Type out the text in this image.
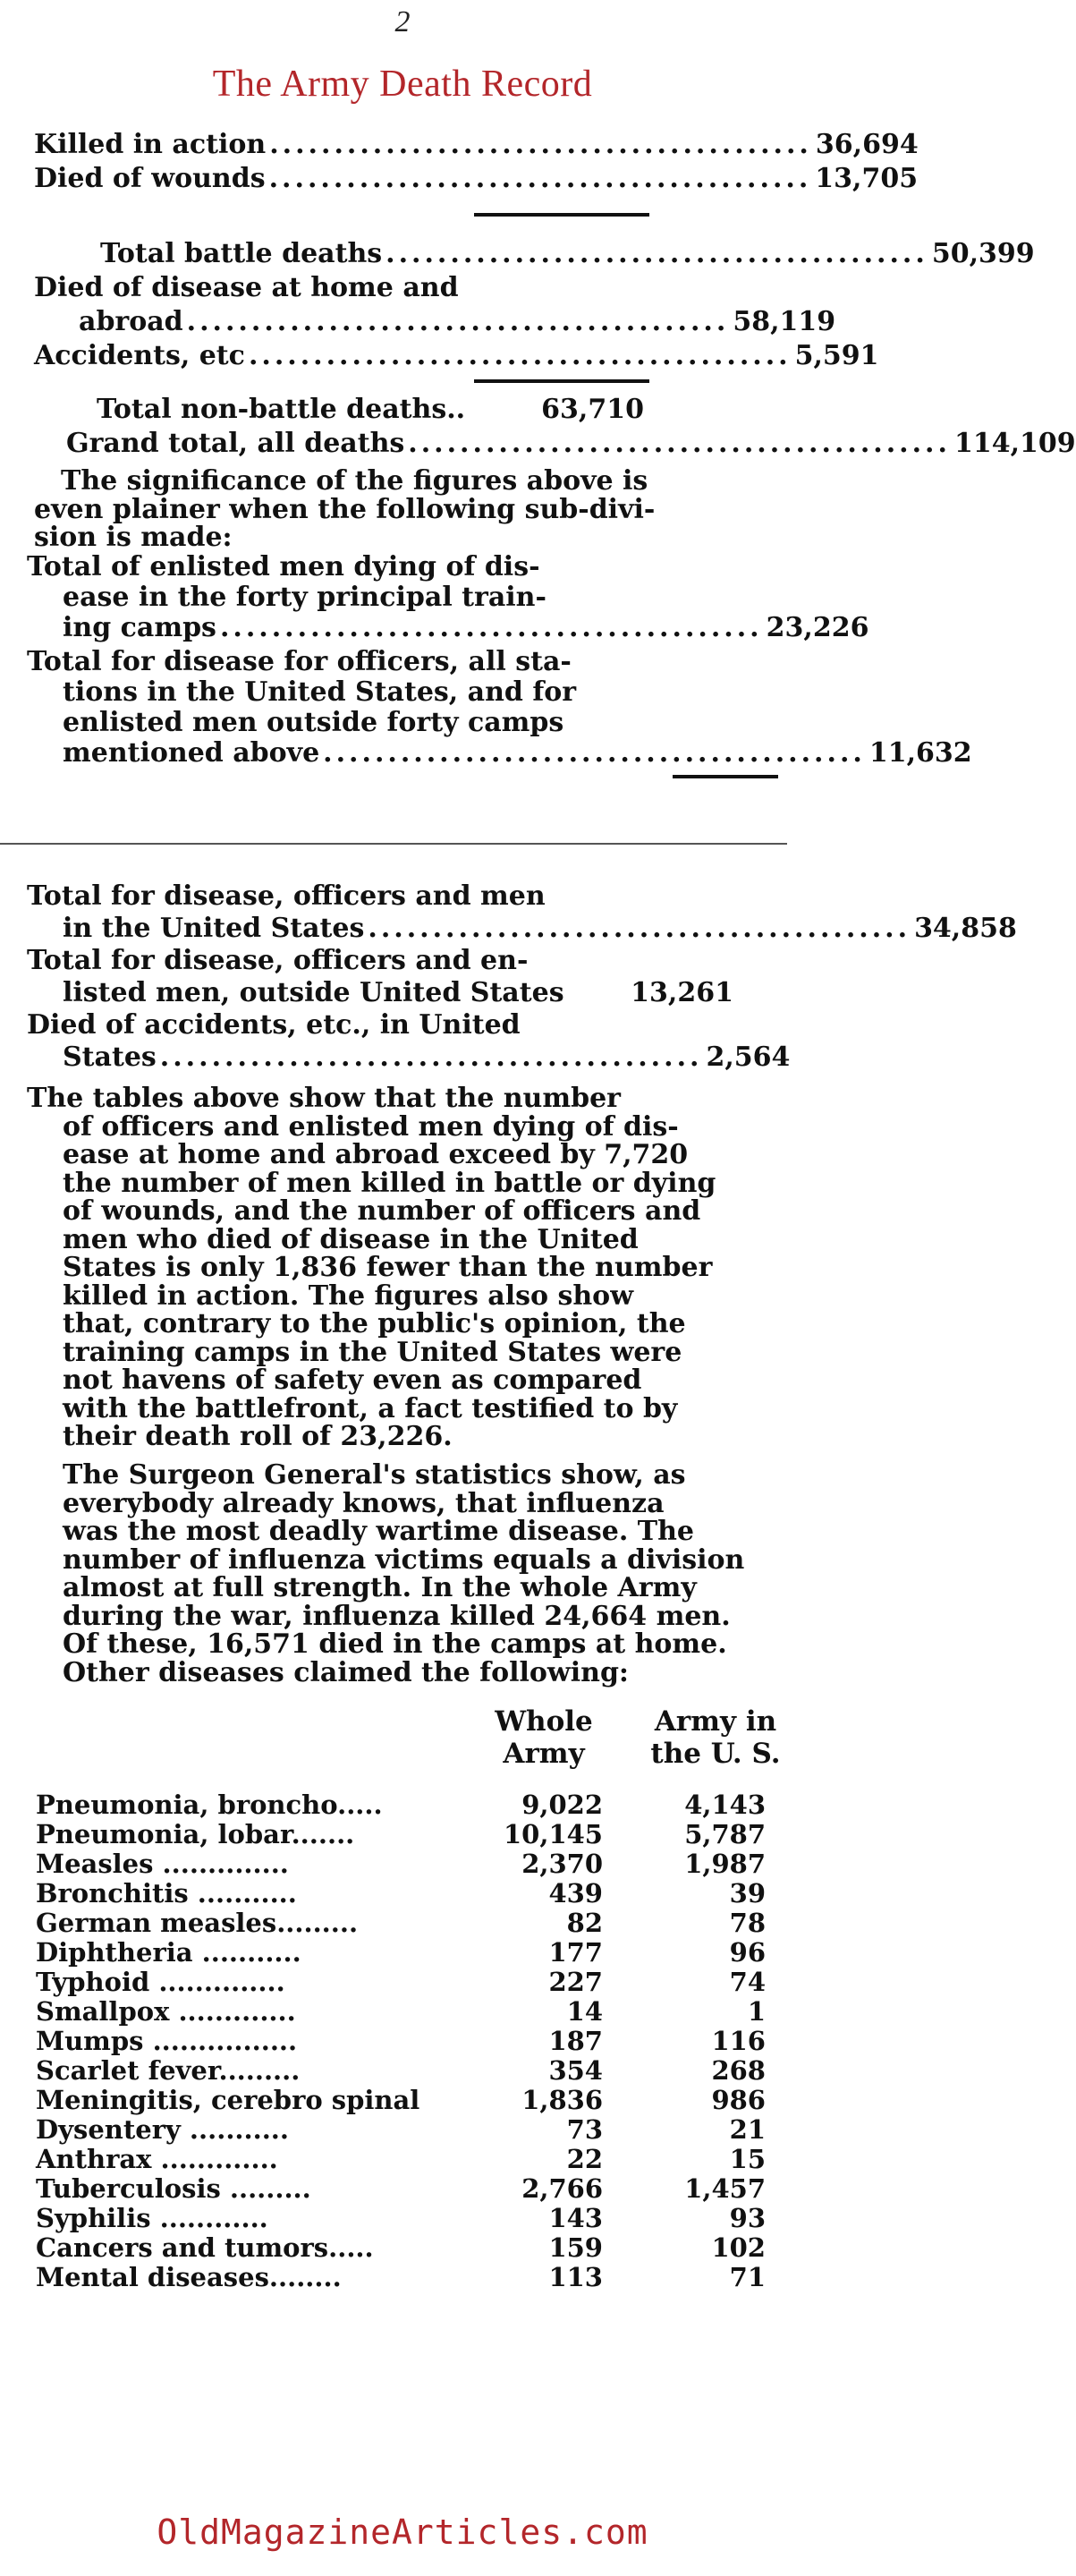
2
The Army Death Record
Killed in action .......................................... 36,694
Died of wounds .......................................... 13,705
Total battle deaths .......................................... 50,399
Died of disease at home and
abroad .......................................... 58,119
Accidents, etc .......................................... 5,591
Total non-battle deaths..	63,710
Grand total, all deaths .......................................... 114,109
The significance of the figures above is
even plainer when the following sub-divi-
sion is made:
Total of enlisted men dying of dis-
ease in the forty principal train-
ing camps .......................................... 23,226
Total for disease for officers, all sta-
tions in the United States, and for
enlisted men outside forty camps
mentioned above .......................................... 11,632
Total for disease, officers and men
in the United States .......................................... 34,858
Total for disease, officers and en-
listed men, outside United States 13,261
Died of accidents, etc., in United
States .......................................... 2,564
The tables above show that the number
of officers and enlisted men dying of dis-
ease at home and abroad exceed by 7,720
the number of men killed in battle or dying
of wounds, and the number of officers and
men who died of disease in the United
States is only 1,836 fewer than the number
killed in action. The figures also show
that, contrary to the public's opinion, the
training camps in the United States were
not havens of safety even as compared
with the battlefront, a fact testified to by
their death roll of 23,226.
The Surgeon General's statistics show, as
everybody already knows, that influenza
was the most deadly wartime disease. The
number of influenza victims equals a division
almost at full strength. In the whole Army
during the war, influenza killed 24,664 men.
Of these, 16,571 died in the camps at home.
Other diseases claimed the following:
Whole
Army
Army in
the U. S.
Pneumonia, broncho.....	9,022	4,143
Pneumonia, lobar.......	10,145	5,787
Measles ..............	2,370	1,987
Bronchitis ...........	439	39
German measles.........	82	78
Diphtheria ...........	177	96
Typhoid ..............	227	74
Smallpox .............	14	1
Mumps ................	187	116
Scarlet fever.........	354	268
Meningitis, cerebro spinal	1,836	986
Dysentery ...........	73	21
Anthrax .............	22	15
Tuberculosis .........	2,766	1,457
Syphilis ............	143	93
Cancers and tumors.....	159	102
Mental diseases........	113	71
OldMagazineArticles.com
